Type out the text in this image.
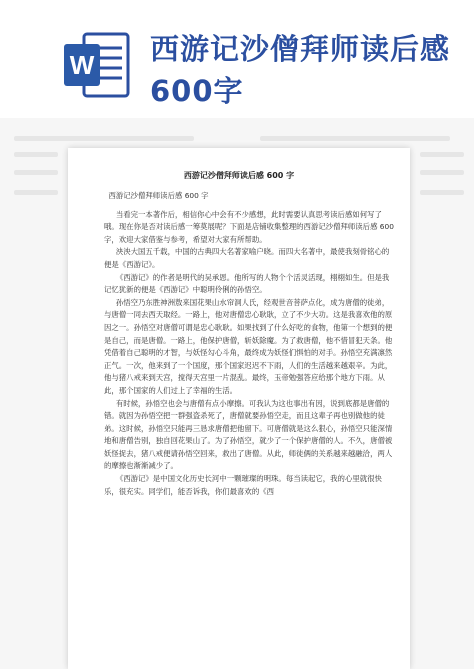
W 西游记沙僧拜师读后感600字
西游记沙僧拜师读后感 600 字

西游记沙僧拜师读后感 600 字

当看完一本著作后，相信你心中会有不少感想，此时需要认真思考读后感如何写了哦。现在你是否对读后感一筹莫展呢？下面是店铺收集整理的西游记沙僧拜师读后感 600 字，欢迎大家借鉴与参考，希望对大家有所帮助。

泱泱大国五千载，中国的古典四大名著家喻户晓。而四大名著中，最使我刻骨铭心的便是《西游记》。

《西游记》的作者是明代的吴承恩。他所写的人物个个活灵活现，栩栩如生。但是我记忆犹新的便是《西游记》中聪明伶俐的孙悟空。

孙悟空乃东胜神洲敖来国花果山水帘洞人氏，经观世音菩萨点化，成为唐僧的徒弟，与唐僧一同去西天取经。一路上，他对唐僧忠心耿耿，立了不少大功。这是我喜欢他的原因之一。孙悟空对唐僧可谓是忠心耿耿。如果找到了什么好吃的食物，他第一个想到的便是自己，而是唐僧。一路上，他保护唐僧，斩妖除魔。为了救唐僧，他不惜冒犯天条。他凭借着自己聪明的才智，与妖怪勾心斗角，最终成为妖怪们惧怕的对手。孙悟空充满凛然正气。一次，他来到了一个国度，那个国家迟迟不下雨，人们的生活越来越艰辛。为此，他与猪八戒来到天宫，搅得天宫里一片混乱。最终，玉帝勉强答应给那个地方下雨。从此，那个国家的人们过上了幸福的生活。

有时候，孙悟空也会与唐僧有点小摩擦。可我认为这也事出有因，说到底都是唐僧的错。就因为孙悟空把一群强盗杀死了，唐僧就要孙悟空走，而且这辈子再也别做他的徒弟。这时候，孙悟空只能再三恳求唐僧把他留下。可唐僧就是这么狠心，孙悟空只能深情地和唐僧告别，独自回花果山了。为了孙悟空，就少了一个保护唐僧的人。不久，唐僧被妖怪捉去，猪八戒便请孙悟空回来，救出了唐僧。从此，师徒俩的关系越来越融洽，两人的摩擦也渐渐减少了。

《西游记》是中国文化历史长河中一颗璀璨的明珠。每当读起它，我的心里就很快乐，很充实。同学们，能否诉我，你们最喜欢的《西
